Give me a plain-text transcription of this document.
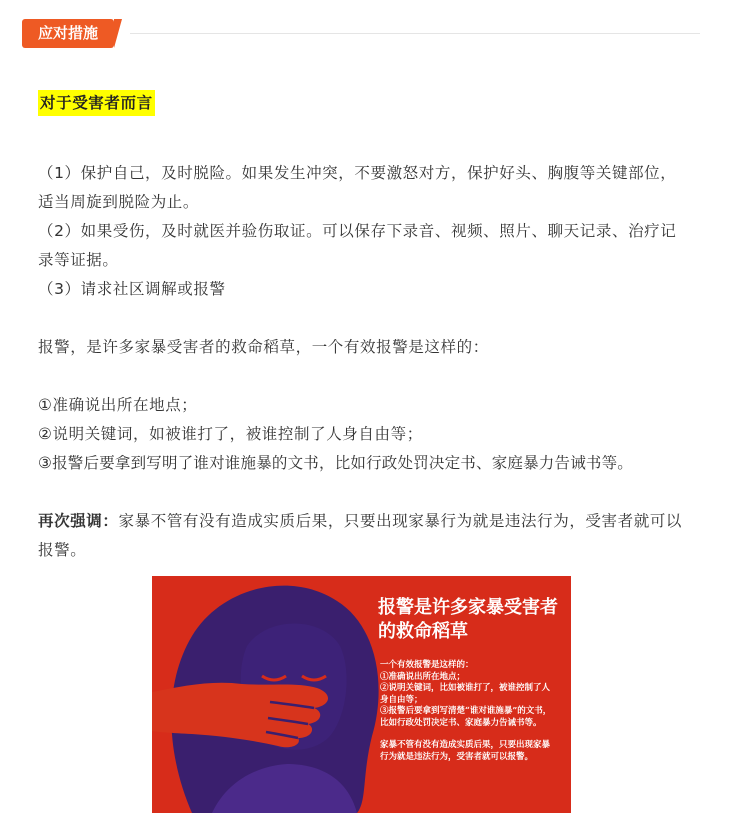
应对措施
对于受害者而言

（1）保护自己，及时脱险。如果发生冲突，不要激怒对方，保护好头、胸腹等关键部位，适当周旋到脱险为止。

（2）如果受伤，及时就医并验伤取证。可以保存下录音、视频、照片、聊天记录、治疗记录等证据。

（3）请求社区调解或报警

报警，是许多家暴受害者的救命稻草，一个有效报警是这样的：

①准确说出所在地点；

②说明关键词，如被谁打了，被谁控制了人身自由等；

③报警后要拿到写明了谁对谁施暴的文书，比如行政处罚决定书、家庭暴力告诫书等。

再次强调：家暴不管有没有造成实质后果，只要出现家暴行为就是违法行为，受害者就可以报警。

报警是许多家暴受害者的救命稻草

一个有效报警是这样的：

①准确说出所在地点；

②说明关键词，比如被谁打了，被谁控制了人身自由等；

③报警后要拿到写清楚“谁对谁施暴”的文书，比如行政处罚决定书、家庭暴力告诫书等。

家暴不管有没有造成实质后果，只要出现家暴行为就是违法行为，受害者就可以报警。
